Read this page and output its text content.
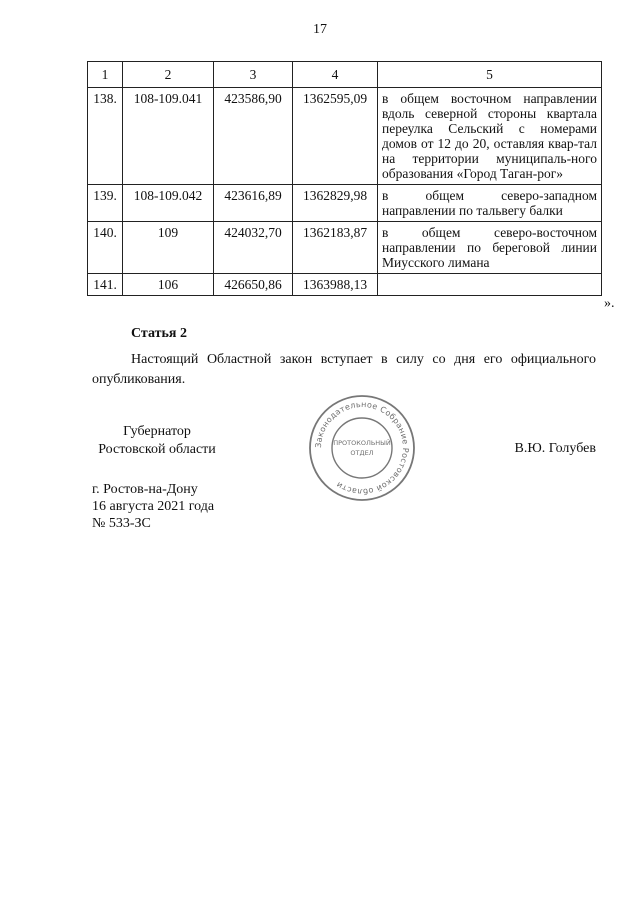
17
1	2	3	4	5
138.	108-109.041	423586,90	1362595,09	в общем восточном направлении вдоль северной стороны квартала переулка Сельский с номерами домов от 12 до 20, оставляя квар-тал на территории муниципаль-ного образования «Город Таган-рог»
139.	108-109.042	423616,89	1362829,98	в общем северо-западном направлении по тальвегу балки
140.	109	424032,70	1362183,87	в общем северо-восточном направлении по береговой линии Миусского лимана
141.	106	426650,86	1363988,13	
».
Статья 2
Настоящий Областной закон вступает в силу со дня его официального опубликования.
Губернатор
Ростовской области	Законодательное Собрание Ростовской области
ПРОТОКОЛЬНЫЙ
ОТДЕЛ	В.Ю. Голубев
г. Ростов-на-Дону
16 августа 2021 года
№ 533-ЗС
